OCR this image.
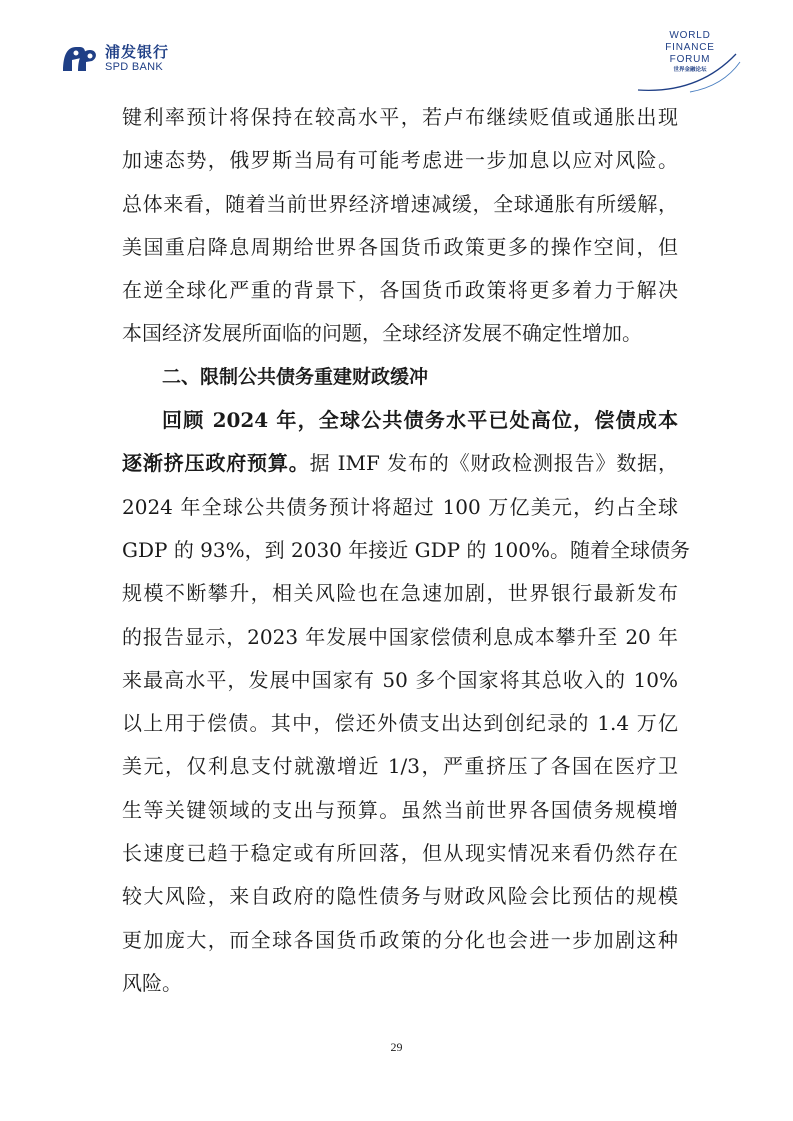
浦发银行
SPD BANK
WORLD
FINANCE
FORUM
世界金融论坛
键利率预计将保持在较高水平，若卢布继续贬值或通胀出现
加速态势，俄罗斯当局有可能考虑进一步加息以应对风险。
总体来看，随着当前世界经济增速减缓，全球通胀有所缓解，
美国重启降息周期给世界各国货币政策更多的操作空间，但
在逆全球化严重的背景下，各国货币政策将更多着力于解决
本国经济发展所面临的问题，全球经济发展不确定性增加。
二、限制公共债务重建财政缓冲
回顾 2024 年，全球公共债务水平已处高位，偿债成本
逐渐挤压政府预算。据 IMF 发布的《财政检测报告》数据，
2024 年全球公共债务预计将超过 100 万亿美元，约占全球
GDP 的 93%，到 2030 年接近 GDP 的 100%。随着全球债务
规模不断攀升，相关风险也在急速加剧，世界银行最新发布
的报告显示，2023 年发展中国家偿债利息成本攀升至 20 年
来最高水平，发展中国家有 50 多个国家将其总收入的 10%
以上用于偿债。其中，偿还外债支出达到创纪录的 1.4 万亿
美元，仅利息支付就激增近 1/3，严重挤压了各国在医疗卫
生等关键领域的支出与预算。虽然当前世界各国债务规模增
长速度已趋于稳定或有所回落，但从现实情况来看仍然存在
较大风险，来自政府的隐性债务与财政风险会比预估的规模
更加庞大，而全球各国货币政策的分化也会进一步加剧这种
风险。
29
